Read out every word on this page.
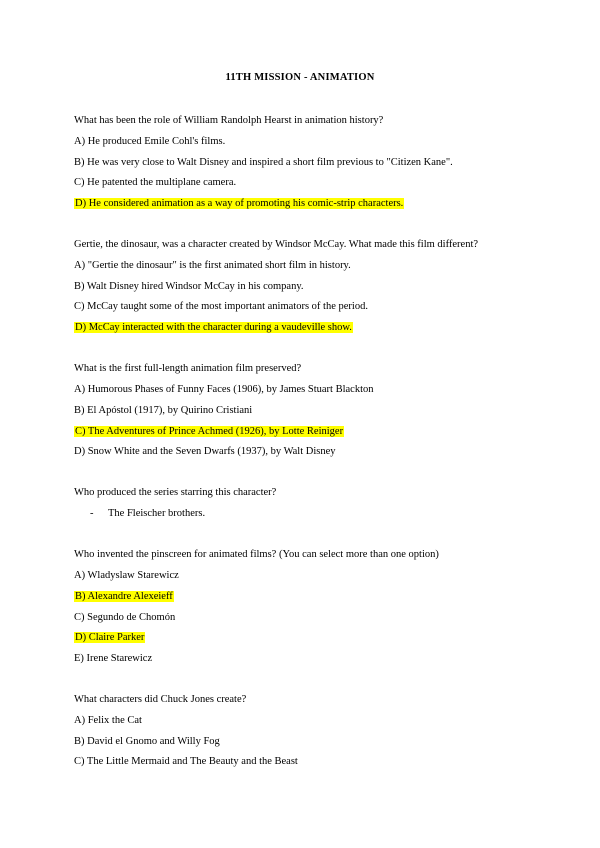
11TH MISSION - ANIMATION
What has been the role of William Randolph Hearst in animation history?
A) He produced Emile Cohl's films.
B) He was very close to Walt Disney and inspired a short film previous to "Citizen Kane".
C) He patented the multiplane camera.
D) He considered animation as a way of promoting his comic-strip characters.
Gertie, the dinosaur, was a character created by Windsor McCay. What made this film different?
A) "Gertie the dinosaur" is the first animated short film in history.
B) Walt Disney hired Windsor McCay in his company.
C) McCay taught some of the most important animators of the period.
D) McCay interacted with the character during a vaudeville show.
What is the first full-length animation film preserved?
A) Humorous Phases of Funny Faces (1906), by James Stuart Blackton
B) El Apóstol (1917), by Quirino Cristiani
C) The Adventures of Prince Achmed (1926), by Lotte Reiniger
D) Snow White and the Seven Dwarfs (1937), by Walt Disney
Who produced the series starring this character?
- The Fleischer brothers.
Who invented the pinscreen for animated films? (You can select more than one option)
A) Wladyslaw Starewicz
B) Alexandre Alexeieff
C) Segundo de Chomón
D) Claire Parker
E) Irene Starewicz
What characters did Chuck Jones create?
A) Felix the Cat
B) David el Gnomo and Willy Fog
C) The Little Mermaid and The Beauty and the Beast
